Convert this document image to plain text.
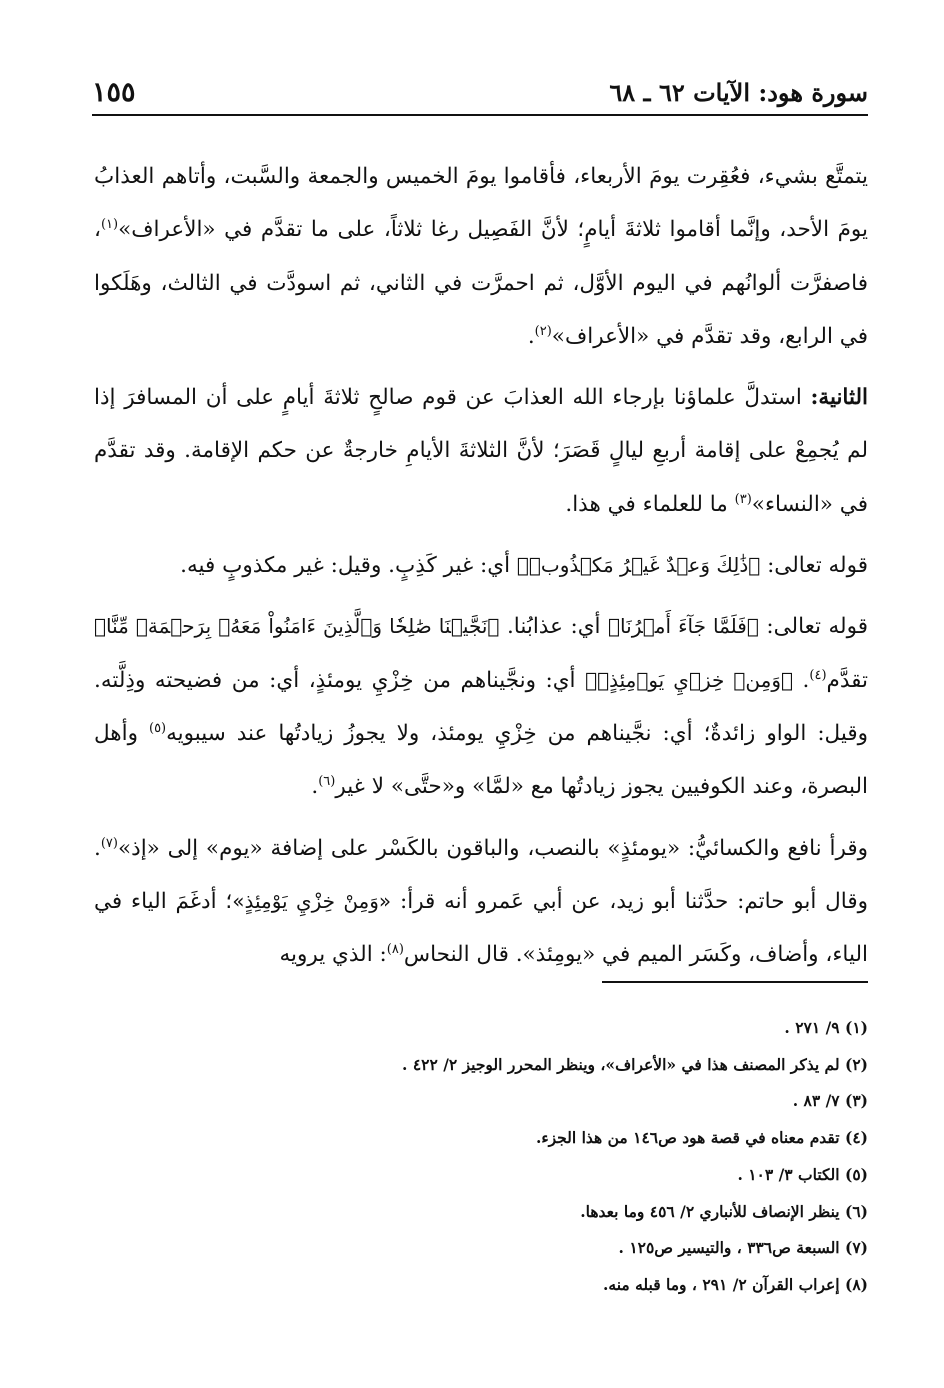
١٥٥	سورة هود: الآيات ٦٢ ـ ٦٨

يتمتَّع بشيء، فعُقِرت يومَ الأربعاء، فأقاموا يومَ الخميس والجمعة والسَّبت، وأتاهم العذابُ يومَ الأحد، وإنَّما أقاموا ثلاثةَ أيامٍ؛ لأنَّ الفَصِيل رغا ثلاثاً، على ما تقدَّم في «الأعراف»$^{(١)}$، فاصفرَّت ألوانُهم في اليوم الأوَّل، ثم احمرَّت في الثاني، ثم اسودَّت في الثالث، وهَلَكوا في الرابع، وقد تقدَّم في «الأعراف»$^{(٢)}$.

الثانية: استدلَّ علماؤنا بإرجاء الله العذابَ عن قوم صالحٍ ثلاثةَ أيامٍ على أن المسافرَ إذا لم يُجمِعْ على إقامة أربعِ ليالٍ قَصَرَ؛ لأنَّ الثلاثةَ الأيامِ خارجةٌ عن حكم الإقامة. وقد تقدَّم في «النساء»$^{(٣)}$ ما للعلماء في هذا.

قوله تعالى: ﴿ذَٰلِكَ وَعۡدٌ غَيۡرُ مَكۡذُوبٖ﴾ أي: غير كَذِبٍ. وقيل: غير مكذوبٍ فيه.

قوله تعالى: ﴿فَلَمَّا جَآءَ أَمۡرُنَا﴾ أي: عذابُنا. ﴿نَجَّيۡنَا صَٰلِحٗا وَٱلَّذِينَ ءَامَنُواْ مَعَهُۥ بِرَحۡمَةٖ مِّنَّا﴾ تقدَّم$^{(٤)}$. ﴿وَمِنۡ خِزۡيِ يَوۡمِئِذٍۚ﴾ أي: ونجَّيناهم من خِزْيِ يومئذٍ، أي: من فضيحته وذِلَّته. وقيل: الواو زائدةٌ؛ أي: نجَّيناهم من خِزْيِ يومئذ، ولا يجوزُ زيادتُها عند سيبويه$^{(٥)}$ وأهل البصرة، وعند الكوفيين يجوز زيادتُها مع «لمَّا» و«حتَّى» لا غير$^{(٦)}$.

وقرأ نافع والكسائيُّ: «يومئذٍ» بالنصب، والباقون بالكَسْر على إضافة «يوم» إلى «إذ»$^{(٧)}$. وقال أبو حاتم: حدَّثنا أبو زيد، عن أبي عَمرو أنه قرأ: «وَمِنْ خِزْيِ يَوْمِئِذٍ»؛ أدغَمَ الياء في الياء، وأضاف، وكَسَر الميم في «يومِئذ». قال النحاس$^{(٨)}$: الذي يرويه

(١) ٩/ ٢٧١ .
(٢) لم يذكر المصنف هذا في «الأعراف»، وينظر المحرر الوجيز ٢/ ٤٢٢ .
(٣) ٧/ ٨٣ .
(٤) تقدم معناه في قصة هود ص١٤٦ من هذا الجزء.
(٥) الكتاب ٣/ ١٠٣ .
(٦) ينظر الإنصاف للأنباري ٢/ ٤٥٦ وما بعدها.
(٧) السبعة ص٣٣٦ ، والتيسير ص١٢٥ .
(٨) إعراب القرآن ٢/ ٢٩١ ، وما قبله منه.
